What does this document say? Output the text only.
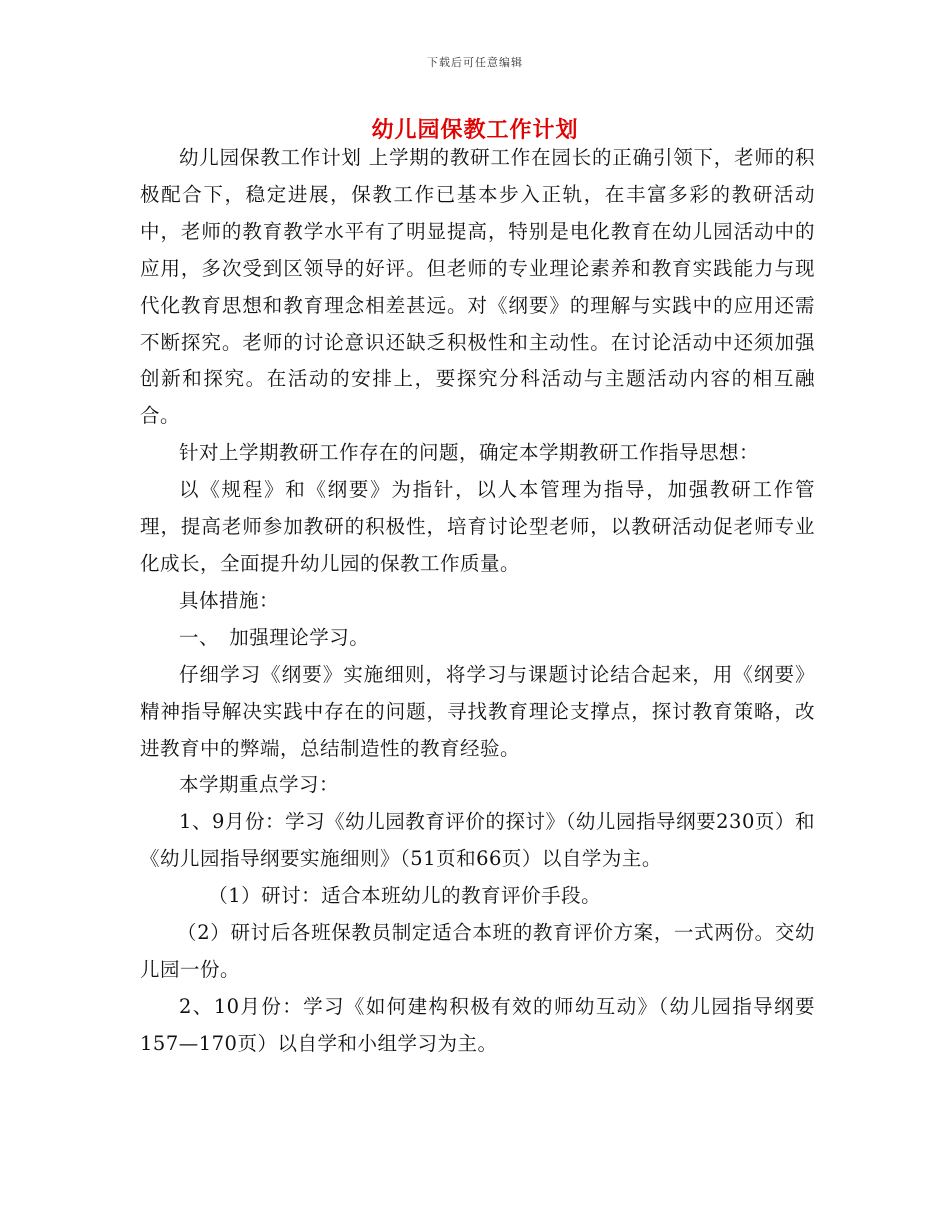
下载后可任意编辑
幼儿园保教工作计划

幼儿园保教工作计划 上学期的教研工作在园长的正确引领下，老师的积极配合下，稳定进展，保教工作已基本步入正轨，在丰富多彩的教研活动中，老师的教育教学水平有了明显提高，特别是电化教育在幼儿园活动中的应用，多次受到区领导的好评。但老师的专业理论素养和教育实践能力与现代化教育思想和教育理念相差甚远。对《纲要》的理解与实践中的应用还需不断探究。老师的讨论意识还缺乏积极性和主动性。在讨论活动中还须加强创新和探究。在活动的安排上，要探究分科活动与主题活动内容的相互融合。

针对上学期教研工作存在的问题，确定本学期教研工作指导思想：

以《规程》和《纲要》为指针，以人本管理为指导，加强教研工作管理，提高老师参加教研的积极性，培育讨论型老师，以教研活动促老师专业化成长，全面提升幼儿园的保教工作质量。

具体措施：

一、　加强理论学习。

仔细学习《纲要》实施细则，将学习与课题讨论结合起来，用《纲要》精神指导解决实践中存在的问题，寻找教育理论支撑点，探讨教育策略，改进教育中的弊端，总结制造性的教育经验。

本学期重点学习：

1、9月份：学习《幼儿园教育评价的探讨》（幼儿园指导纲要230页）和《幼儿园指导纲要实施细则》（51页和66页）以自学为主。

（1）研讨：适合本班幼儿的教育评价手段。

（2）研讨后各班保教员制定适合本班的教育评价方案，一式两份。交幼儿园一份。

2、10月份：学习《如何建构积极有效的师幼互动》（幼儿园指导纲要157—170页）以自学和小组学习为主。
